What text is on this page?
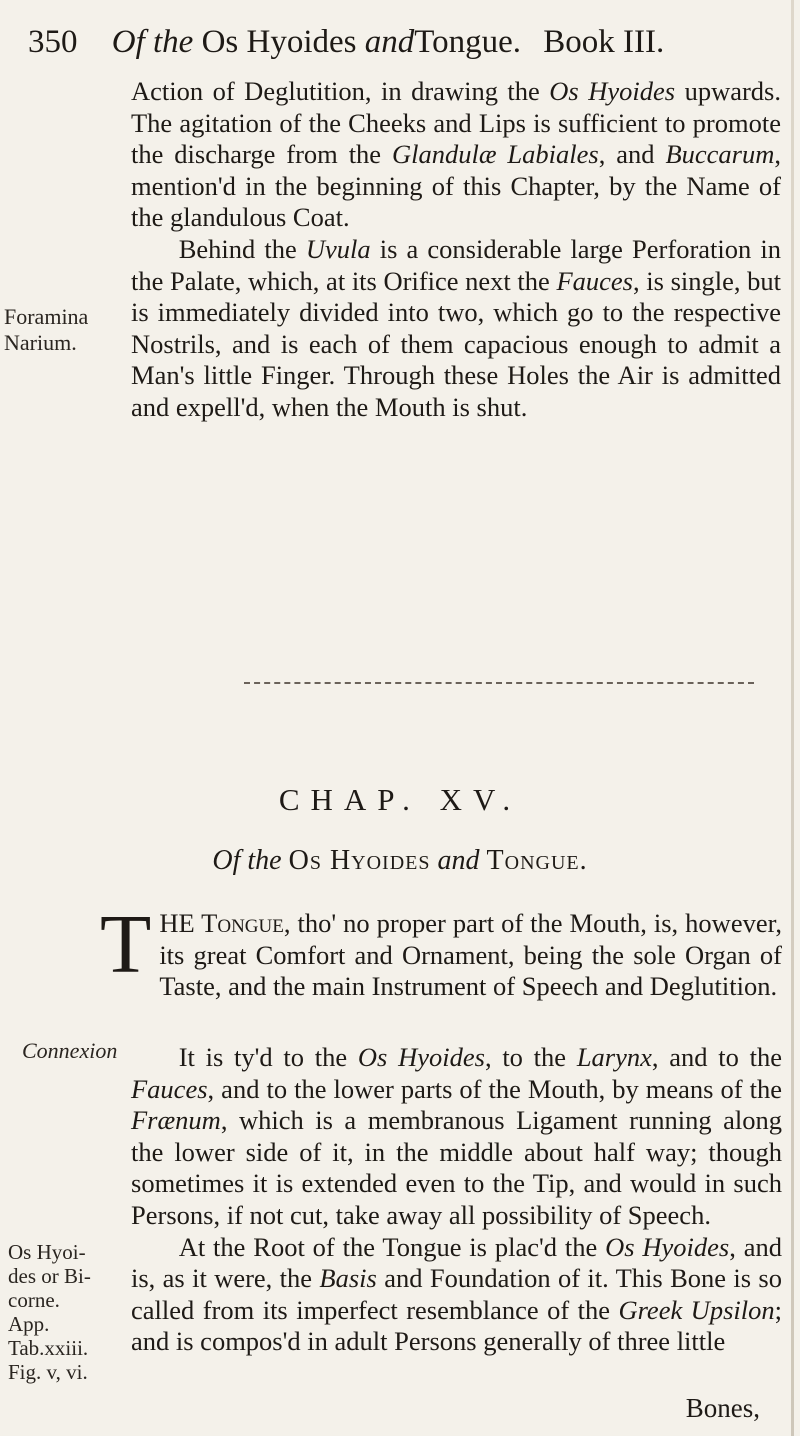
350 Of the Os Hyoides andTongue. Book III.

Action of Deglutition, in drawing the Os Hyoides upwards. The agitation of the Cheeks and Lips is sufficient to promote the discharge from the Glandulæ Labiales, and Buccarum, mention'd in the beginning of this Chapter, by the Name of the glandulous Coat.

Behind the Uvula is a considerable large Perforation in the Palate, which, at its Orifice next the Fauces, is single, but is immediately divided into two, which go to the respective Nostrils, and is each of them capacious enough to admit a Man's little Finger. Through these Holes the Air is admitted and expell'd, when the Mouth is shut.

Foramina
Narium.
CHAP. XV.
Of the Os Hyoides and Tongue.
THE Tongue, tho' no proper part of the Mouth, is, however, its great Comfort and Ornament, being the sole Organ of Taste, and the main Instrument of Speech and Deglutition.

It is ty'd to the Os Hyoides, to the Larynx, and to the Fauces, and to the lower parts of the Mouth, by means of the Frænum, which is a membranous Ligament running along the lower side of it, in the middle about half way; though sometimes it is extended even to the Tip, and would in such Persons, if not cut, take away all possibility of Speech.

At the Root of the Tongue is plac'd the Os Hyoides, and is, as it were, the Basis and Foundation of it. This Bone is so called from its imperfect resemblance of the Greek Upsilon; and is compos'd in adult Persons generally of three little

Connexion
Os Hyoi-
des or Bi-
corne.
App.
Tab.xxiii.
Fig. v, vi.
Bones,
